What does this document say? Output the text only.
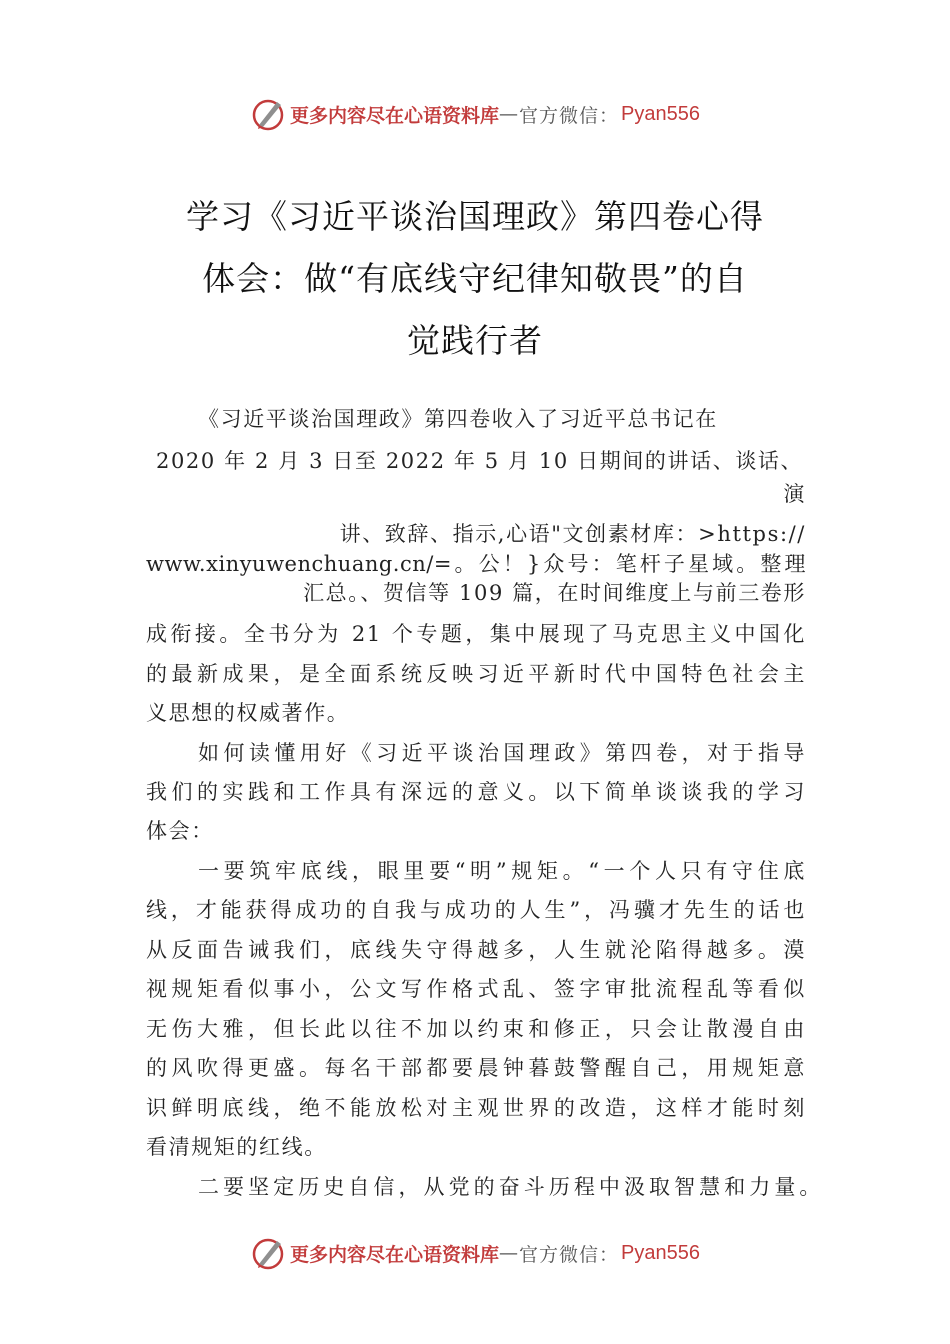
更多内容尽在心语资料库 — 官方微信： Pyan556
学习《习近平谈治国理政》第四卷心得
体会：做“有底线守纪律知敬畏”的自
觉践行者
《习近平谈治国理政》第四卷收入了习近平总书记在
2020 年 2 月 3 日至 2022 年 5 月 10 日期间的讲话、谈话、
演
讲、致辞、指示,心语"文创素材库：>https://
www.xinyuwenchuang.cn/=。公！}众号：笔杆子星域。整理
汇总。、贺信等 109 篇，在时间维度上与前三卷形
成衔接。全书分为 21 个专题，集中展现了马克思主义中国化
的最新成果，是全面系统反映习近平新时代中国特色社会主
义思想的权威著作。
如何读懂用好《习近平谈治国理政》第四卷，对于指导
我们的实践和工作具有深远的意义。以下简单谈谈我的学习
体会：
一要筑牢底线，眼里要“明”规矩。“一个人只有守住底
线，才能获得成功的自我与成功的人生”，冯骥才先生的话也
从反面告诫我们，底线失守得越多，人生就沦陷得越多。漠
视规矩看似事小，公文写作格式乱、签字审批流程乱等看似
无伤大雅，但长此以往不加以约束和修正，只会让散漫自由
的风吹得更盛。每名干部都要晨钟暮鼓警醒自己，用规矩意
识鲜明底线，绝不能放松对主观世界的改造，这样才能时刻
看清规矩的红线。
二要坚定历史自信，从党的奋斗历程中汲取智慧和力量。
更多内容尽在心语资料库 — 官方微信： Pyan556
